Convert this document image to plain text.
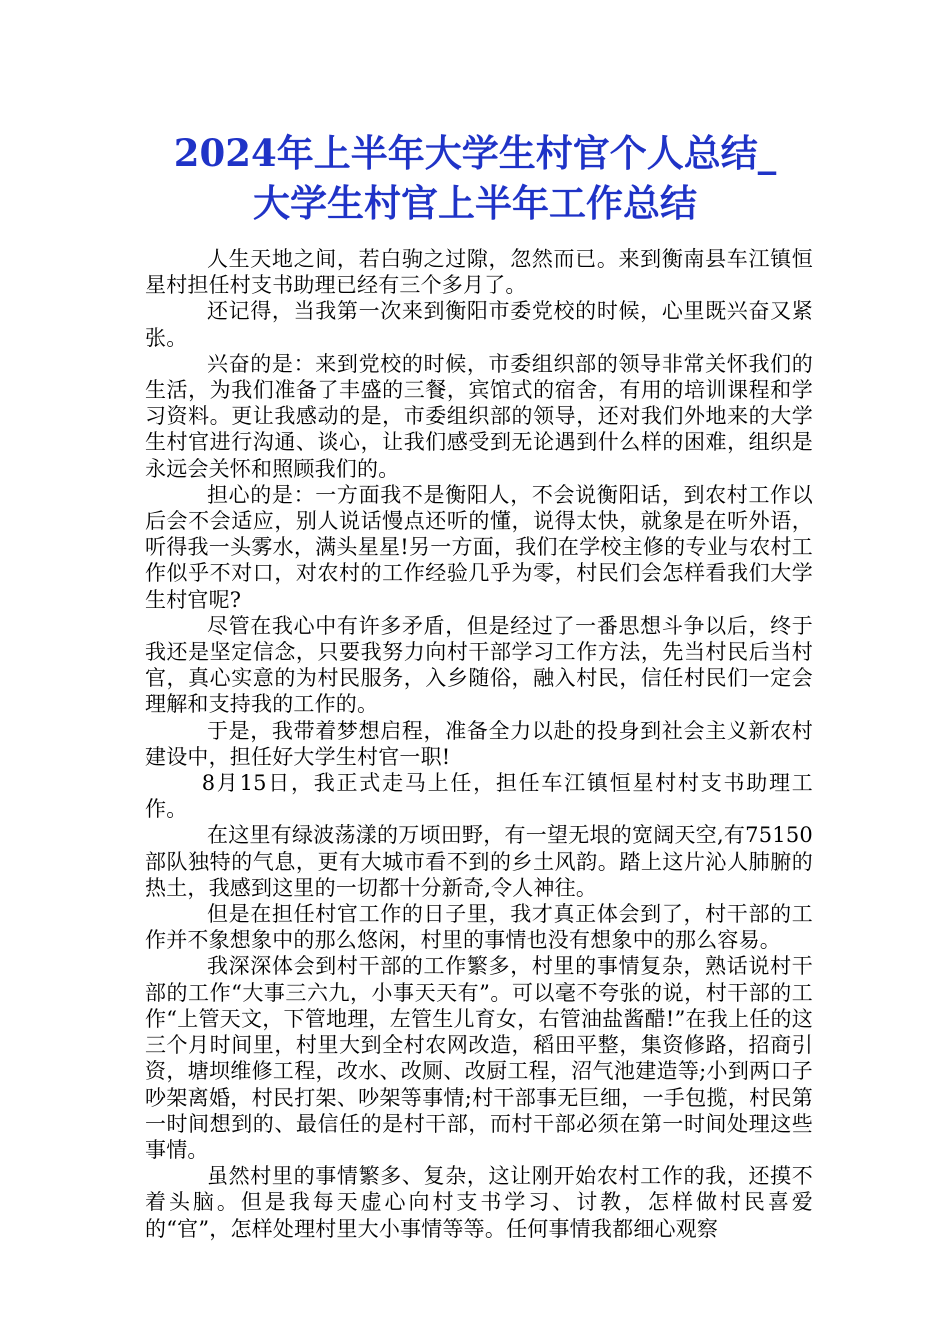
2024年上半年大学生村官个人总结_
大学生村官上半年工作总结

人生天地之间，若白驹之过隙，忽然而已。来到衡南县车江镇恒星村担任村支书助理已经有三个多月了。

还记得，当我第一次来到衡阳市委党校的时候，心里既兴奋又紧张。

兴奋的是：来到党校的时候，市委组织部的领导非常关怀我们的生活，为我们准备了丰盛的三餐，宾馆式的宿舍，有用的培训课程和学习资料。更让我感动的是，市委组织部的领导，还对我们外地来的大学生村官进行沟通、谈心，让我们感受到无论遇到什么样的困难，组织是永远会关怀和照顾我们的。

担心的是：一方面我不是衡阳人，不会说衡阳话，到农村工作以后会不会适应，别人说话慢点还听的懂，说得太快，就象是在听外语，听得我一头雾水，满头星星!另一方面，我们在学校主修的专业与农村工作似乎不对口，对农村的工作经验几乎为零，村民们会怎样看我们大学生村官呢?

尽管在我心中有许多矛盾，但是经过了一番思想斗争以后，终于我还是坚定信念，只要我努力向村干部学习工作方法，先当村民后当村官，真心实意的为村民服务，入乡随俗，融入村民，信任村民们一定会理解和支持我的工作的。

于是，我带着梦想启程，准备全力以赴的投身到社会主义新农村建设中，担任好大学生村官一职!

8月15日，我正式走马上任，担任车江镇恒星村村支书助理工作。

在这里有绿波荡漾的万顷田野，有一望无垠的宽阔天空,有75150部队独特的气息，更有大城市看不到的乡土风韵。踏上这片沁人肺腑的热土，我感到这里的一切都十分新奇,令人神往。

但是在担任村官工作的日子里，我才真正体会到了，村干部的工作并不象想象中的那么悠闲，村里的事情也没有想象中的那么容易。

我深深体会到村干部的工作繁多，村里的事情复杂，熟话说村干部的工作“大事三六九，小事天天有”。可以毫不夸张的说，村干部的工作“上管天文，下管地理，左管生儿育女，右管油盐酱醋!”在我上任的这三个月时间里，村里大到全村农网改造，稻田平整，集资修路，招商引资，塘坝维修工程，改水、改厕、改厨工程，沼气池建造等;小到两口子吵架离婚，村民打架、吵架等事情;村干部事无巨细，一手包揽，村民第一时间想到的、最信任的是村干部，而村干部必须在第一时间处理这些事情。

虽然村里的事情繁多、复杂，这让刚开始农村工作的我，还摸不着头脑。但是我每天虚心向村支书学习、讨教，怎样做村民喜爱的“官”，怎样处理村里大小事情等等。任何事情我都细心观察
